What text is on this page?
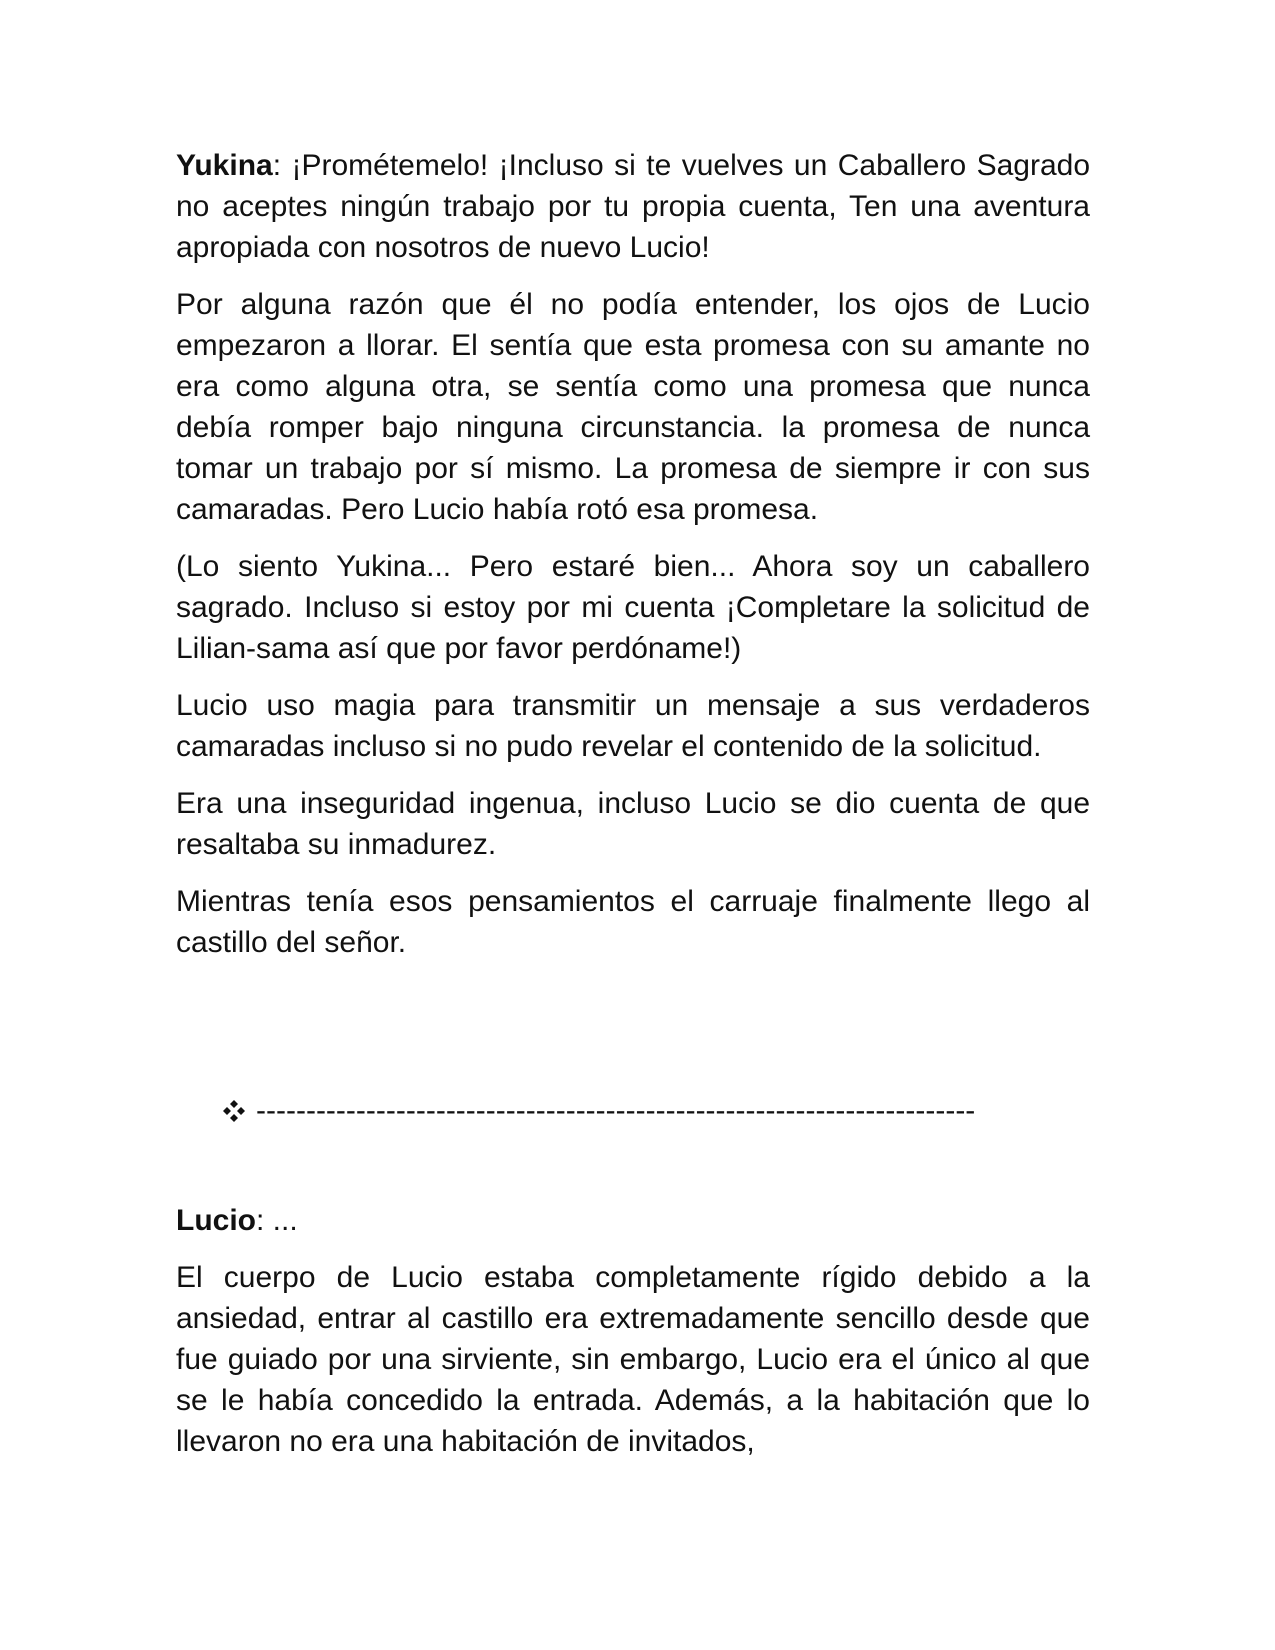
Yukina: ¡Prométemelo! ¡Incluso si te vuelves un Caballero Sagrado no aceptes ningún trabajo por tu propia cuenta, Ten una aventura apropiada con nosotros de nuevo Lucio!

Por alguna razón que él no podía entender, los ojos de Lucio empezaron a llorar. El sentía que esta promesa con su amante no era como alguna otra, se sentía como una promesa que nunca debía romper bajo ninguna circunstancia. la promesa de nunca tomar un trabajo por sí mismo. La promesa de siempre ir con sus camaradas. Pero Lucio había rotó esa promesa.

(Lo siento Yukina... Pero estaré bien... Ahora soy un caballero sagrado. Incluso si estoy por mi cuenta ¡Completare la solicitud de Lilian-sama así que por favor perdóname!)

Lucio uso magia para transmitir un mensaje a sus verdaderos camaradas incluso si no pudo revelar el contenido de la solicitud.

Era una inseguridad ingenua, incluso Lucio se dio cuenta de que resaltaba su inmadurez.

Mientras tenía esos pensamientos el carruaje finalmente llego al castillo del señor.

------------------------------------------------------------------------

Lucio: ...

El cuerpo de Lucio estaba completamente rígido debido a la ansiedad, entrar al castillo era extremadamente sencillo desde que fue guiado por una sirviente, sin embargo, Lucio era el único al que se le había concedido la entrada. Además, a la habitación que lo llevaron no era una habitación de invitados,
